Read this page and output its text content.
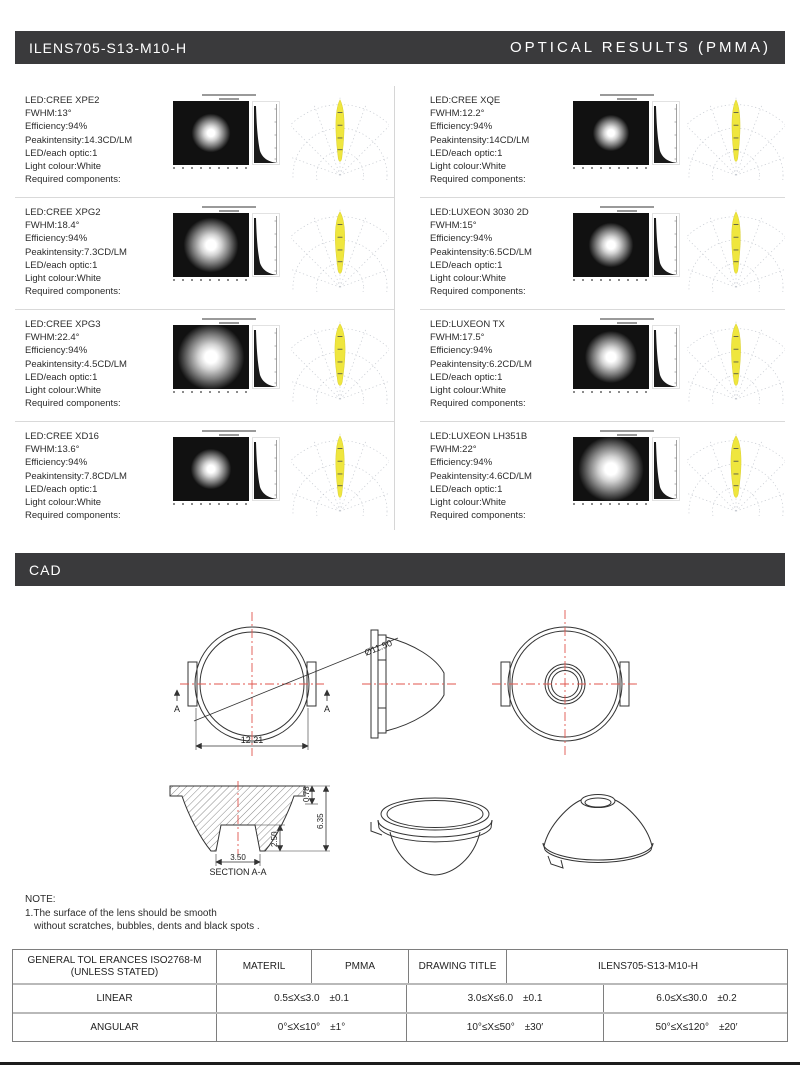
ILENS705-S13-M10-H	OPTICAL RESULTS (PMMA)
LED:CREE XPE2
FWHM:13°
Efficiency:94%
Peakintensity:14.3CD/LM
LED/each optic:1
Light colour:White
Required components:
LED:CREE XQE
FWHM:12.2°
Efficiency:94%
Peakintensity:14CD/LM
LED/each optic:1
Light colour:White
Required components:
LED:CREE XPG2
FWHM:18.4°
Efficiency:94%
Peakintensity:7.3CD/LM
LED/each optic:1
Light colour:White
Required components:
LED:LUXEON 3030 2D
FWHM:15°
Efficiency:94%
Peakintensity:6.5CD/LM
LED/each optic:1
Light colour:White
Required components:
LED:CREE XPG3
FWHM:22.4°
Efficiency:94%
Peakintensity:4.5CD/LM
LED/each optic:1
Light colour:White
Required components:
LED:LUXEON TX
FWHM:17.5°
Efficiency:94%
Peakintensity:6.2CD/LM
LED/each optic:1
Light colour:White
Required components:
LED:CREE XD16
FWHM:13.6°
Efficiency:94%
Peakintensity:7.8CD/LM
LED/each optic:1
Light colour:White
Required components:
LED:LUXEON LH351B
FWHM:22°
Efficiency:94%
Peakintensity:4.6CD/LM
LED/each optic:1
Light colour:White
Required components:
CAD
Ø11.50
12.21
A	A
0.78
6.35
2.50
3.50
SECTION A-A
NOTE:
1.The surface of the lens should be smooth
without scratches, bubbles, dents and black spots .
GENERAL TOL ERANCES ISO2768-M
(UNLESS STATED)
MATERIL	PMMA	DRAWING TITLE	ILENS705-S13-M10-H
LINEAR	0.5≤X≤3.0 ±0.1	3.0≤X≤6.0 ±0.1	6.0≤X≤30.0 ±0.2
ANGULAR	0°≤X≤10° ±1°	10°≤X≤50° ±30′	50°≤X≤120° ±20′
